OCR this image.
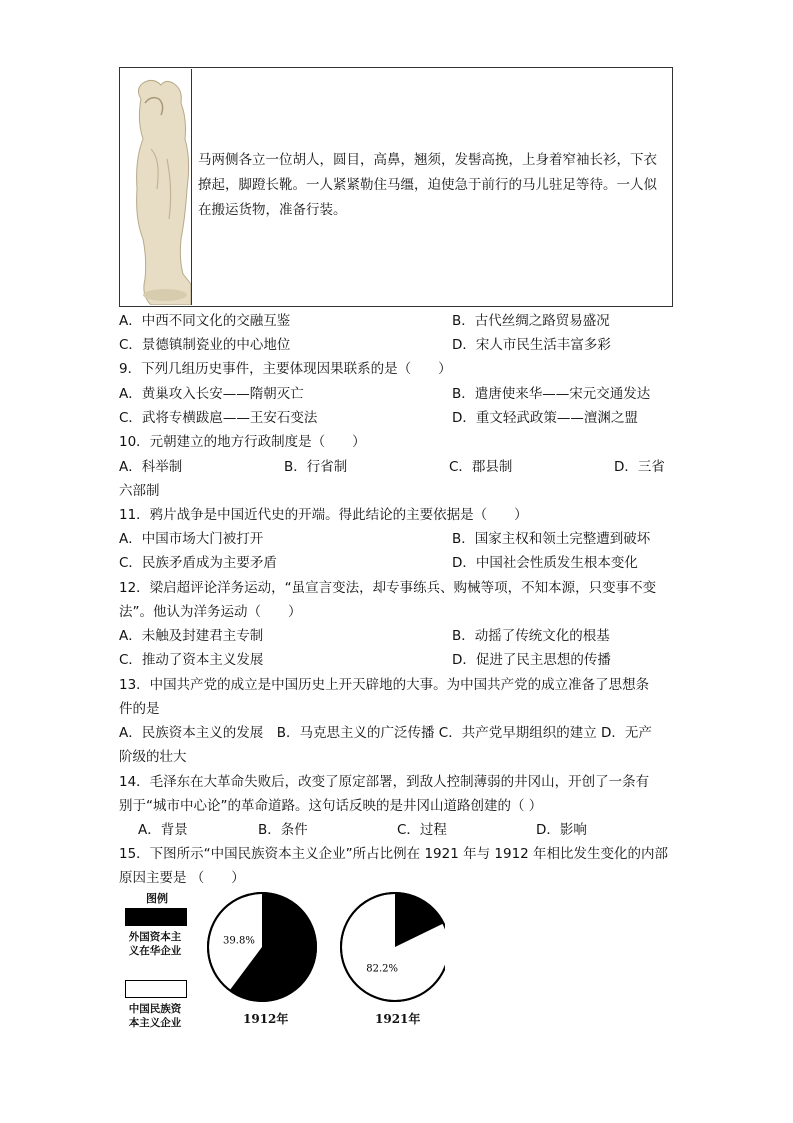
马两侧各立一位胡人，圆目，高鼻，翘须，发髻高挽，上身着窄袖长衫，下衣撩起，脚蹬长靴。一人紧紧勒住马缰，迫使急于前行的马儿驻足等待。一人似在搬运货物，准备行装。
A．中西不同文化的交融互鉴	B．古代丝绸之路贸易盛况
C．景德镇制瓷业的中心地位	D．宋人市民生活丰富多彩
9．下列几组历史事件，主要体现因果联系的是（　　）
A．黄巢攻入长安——隋朝灭亡	B．遣唐使来华——宋元交通发达
C．武将专横跋扈——王安石变法	D．重文轻武政策——澶渊之盟
10．元朝建立的地方行政制度是（　　）
A．科举制	B．行省制	C．郡县制	D．三省
六部制
11．鸦片战争是中国近代史的开端。得此结论的主要依据是（　　）
A．中国市场大门被打开	B．国家主权和领土完整遭到破坏
C．民族矛盾成为主要矛盾	D．中国社会性质发生根本变化
12．梁启超评论洋务运动，“虽宣言变法，却专事练兵、购械等项，不知本源，只变事不变
法”。他认为洋务运动（　　）
A．未触及封建君主专制	B．动摇了传统文化的根基
C．推动了资本主义发展	D．促进了民主思想的传播
13．中国共产党的成立是中国历史上开天辟地的大事。为中国共产党的成立准备了思想条
件的是
A．民族资本主义的发展　B．马克思主义的广泛传播 C．共产党早期组织的建立 D．无产
阶级的壮大
14．毛泽东在大革命失败后，改变了原定部署，到敌人控制薄弱的井冈山，开创了一条有
别于“城市中心论”的革命道路。这句话反映的是井冈山道路创建的（ ）
A．背景	B．条件	C．过程	D．影响
15．下图所示“中国民族资本主义企业”所占比例在 1921 年与 1912 年相比发生变化的内部
原因主要是 （　　）
图例
外国资本主
义在华企业
中国民族资
本主义企业
39.8%
82.2%
1912年	1921年
